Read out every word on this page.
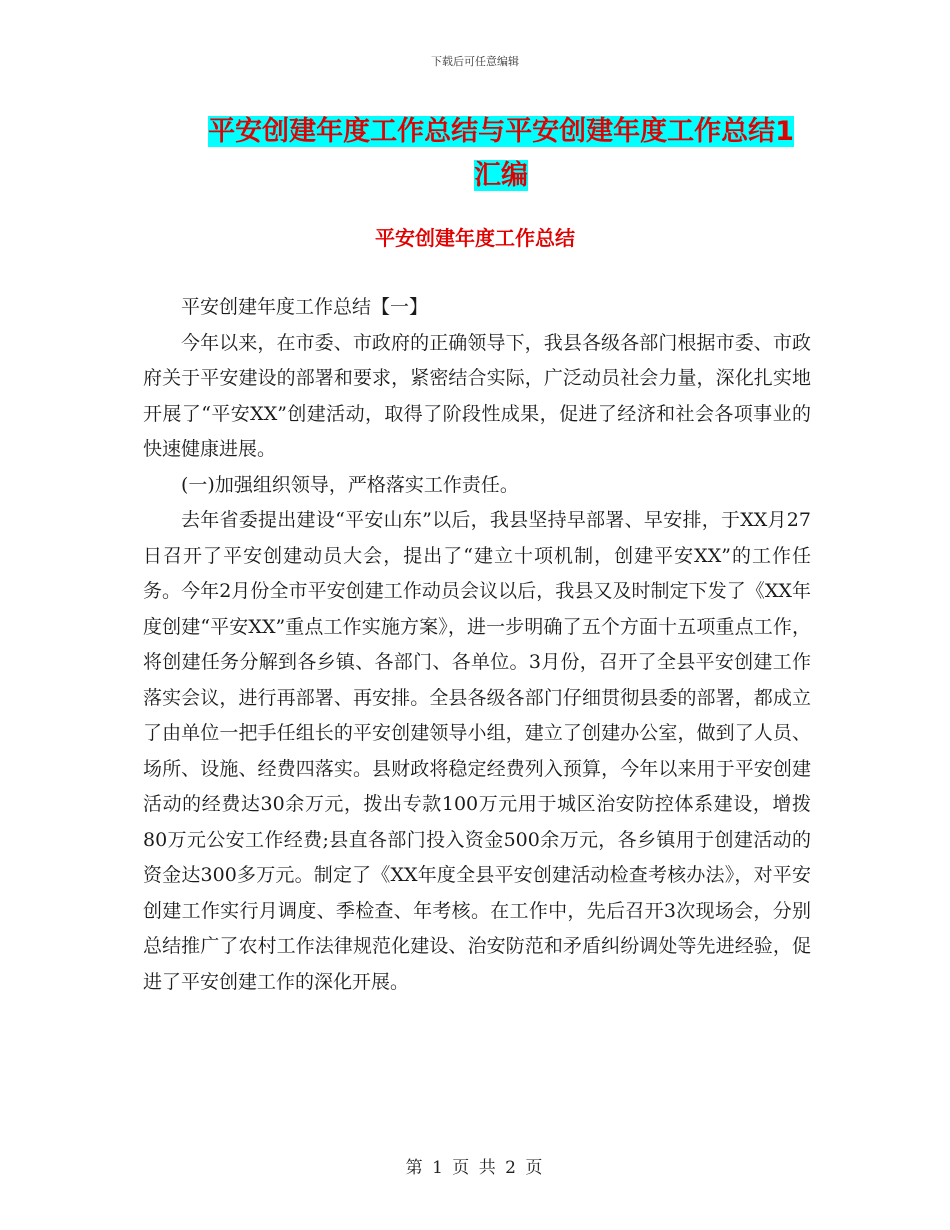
下载后可任意编辑
平安创建年度工作总结与平安创建年度工作总结1汇编
平安创建年度工作总结

平安创建年度工作总结【一】

今年以来，在市委、市政府的正确领导下，我县各级各部门根据市委、市政府关于平安建设的部署和要求，紧密结合实际，广泛动员社会力量，深化扎实地开展了“平安XX”创建活动，取得了阶段性成果，促进了经济和社会各项事业的快速健康进展。

(一)加强组织领导，严格落实工作责任。

去年省委提出建设“平安山东”以后，我县坚持早部署、早安排，于XX月27日召开了平安创建动员大会，提出了“建立十项机制，创建平安XX”的工作任务。今年2月份全市平安创建工作动员会议以后，我县又及时制定下发了《XX年度创建“平安XX”重点工作实施方案》，进一步明确了五个方面十五项重点工作，将创建任务分解到各乡镇、各部门、各单位。3月份，召开了全县平安创建工作落实会议，进行再部署、再安排。全县各级各部门仔细贯彻县委的部署，都成立了由单位一把手任组长的平安创建领导小组，建立了创建办公室，做到了人员、场所、设施、经费四落实。县财政将稳定经费列入预算，今年以来用于平安创建活动的经费达30余万元，拨出专款100万元用于城区治安防控体系建设，增拨80万元公安工作经费;县直各部门投入资金500余万元，各乡镇用于创建活动的资金达300多万元。制定了《XX年度全县平安创建活动检查考核办法》，对平安创建工作实行月调度、季检查、年考核。在工作中，先后召开3次现场会，分别总结推广了农村工作法律规范化建设、治安防范和矛盾纠纷调处等先进经验，促进了平安创建工作的深化开展。

第 1 页 共 2 页
